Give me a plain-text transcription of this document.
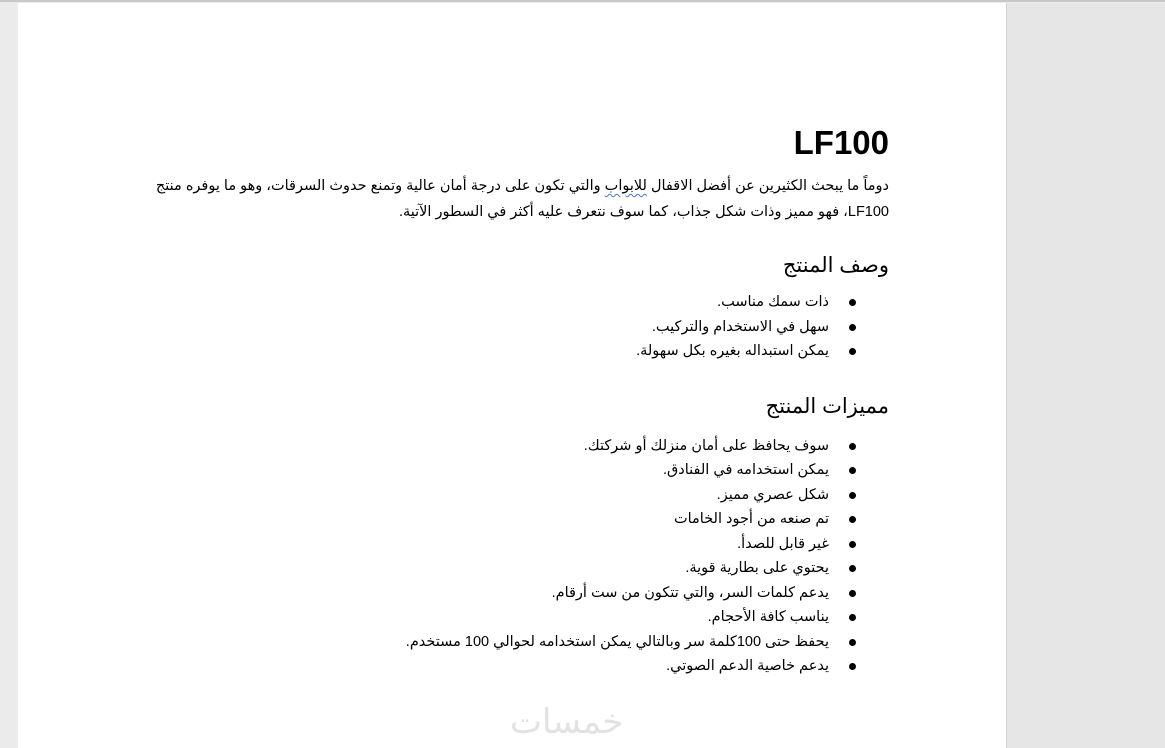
LF100

دوماً ما يبحث الكثيرين عن أفضل الاقفال للابواب والتي تكون على درجة أمان عالية وتمنع حدوث السرقات، وهو ما يوفره منتج LF100، فهو مميز وذات شكل جذاب، كما سوف نتعرف عليه أكثر في السطور الآتية.

وصف المنتج
ذات سمك مناسب.
سهل في الاستخدام والتركيب.
يمكن استبداله بغيره بكل سهولة.
مميزات المنتج
سوف يحافظ على أمان منزلك أو شركتك.
يمكن استخدامه في الفنادق.
شكل عصري مميز.
تم صنعه من أجود الخامات
غير قابل للصدأ.
يحتوي على بطارية قوية.
يدعم كلمات السر، والتي تتكون من ست أرقام.
يناسب كافة الأحجام.
يحفظ حتى 100كلمة سر وبالتالي يمكن استخدامه لحوالي 100 مستخدم.
يدعم خاصية الدعم الصوتي.
خمسات
